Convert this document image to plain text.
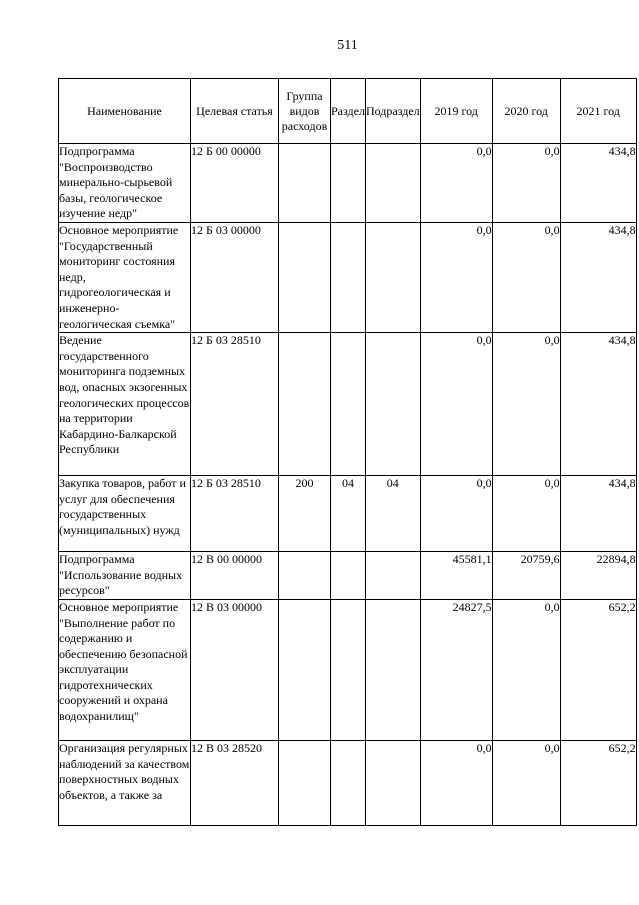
511
Наименование	Целевая статья	Группа видов расходов	Раздел	Подраздел	2019 год	2020 год	2021 год
Подпрограмма "Воспроизводство минерально-сырьевой базы, геологическое изучение недр"	12 Б 00 00000				0,0	0,0	434,8
Основное мероприятие "Государственный мониторинг состояния недр, гидрогеологическая и инженерно-геологическая съемка"	12 Б 03 00000				0,0	0,0	434,8
Ведение государственного мониторинга подземных вод, опасных экзогенных геологических процессов на территории Кабардино-Балкарской Республики	12 Б 03 28510				0,0	0,0	434,8
Закупка товаров, работ и услуг для обеспечения государственных (муниципальных) нужд	12 Б 03 28510	200	04	04	0,0	0,0	434,8
Подпрограмма "Использование водных ресурсов"	12 В 00 00000				45581,1	20759,6	22894,8
Основное мероприятие "Выполнение работ по содержанию и обеспечению безопасной эксплуатации гидротехнических сооружений и охрана водохранилищ"	12 В 03 00000				24827,5	0,0	652,2
Организация регулярных наблюдений за качеством поверхностных водных объектов, а также за	12 В 03 28520				0,0	0,0	652,2
